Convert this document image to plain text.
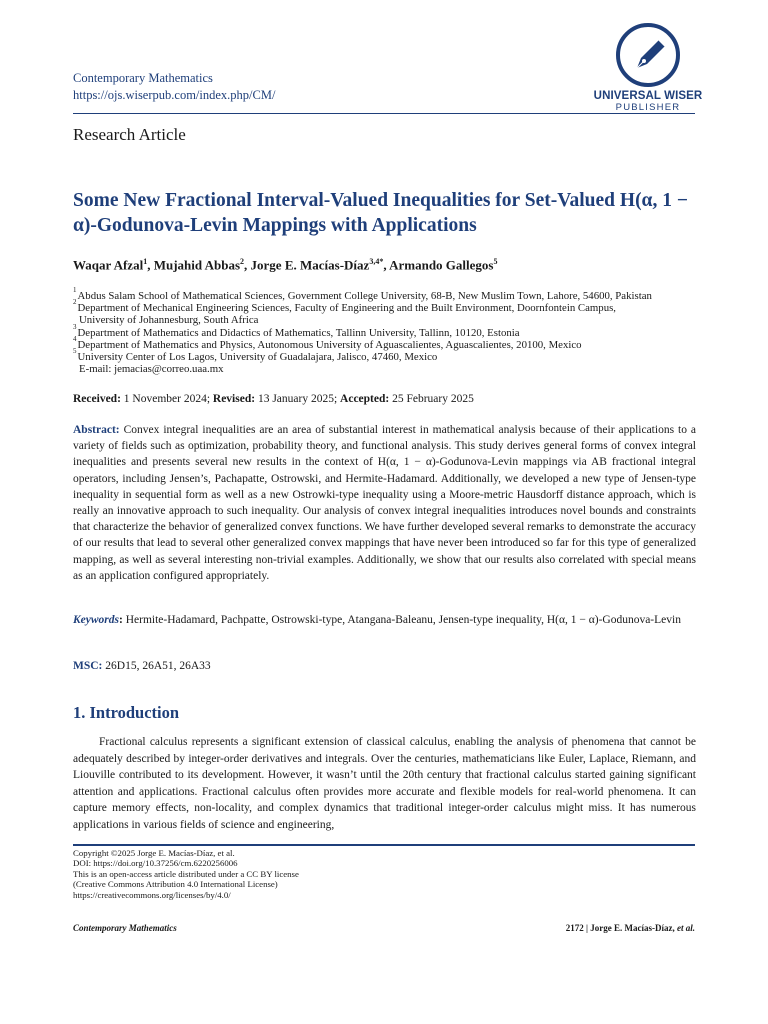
Contemporary Mathematics
https://ojs.wiserpub.com/index.php/CM/	UNIVERSAL WISER
PUBLISHER
Research Article
Some New Fractional Interval-Valued Inequalities for Set-Valued H(α, 1 − α)-Godunova-Levin Mappings with Applications
Waqar Afzal$^1$, Mujahid Abbas$^2$, Jorge E. Macías-Díaz$^{3,4*}$, Armando Gallegos$^5$
1 Abdus Salam School of Mathematical Sciences, Government College University, 68-B, New Muslim Town, Lahore, 54600, Pakistan
2 Department of Mechanical Engineering Sciences, Faculty of Engineering and the Built Environment, Doornfontein Campus,
University of Johannesburg, South Africa
3 Department of Mathematics and Didactics of Mathematics, Tallinn University, Tallinn, 10120, Estonia
4 Department of Mathematics and Physics, Autonomous University of Aguascalientes, Aguascalientes, 20100, Mexico
5 University Center of Los Lagos, University of Guadalajara, Jalisco, 47460, Mexico
E-mail: jemacias@correo.uaa.mx
Received: 1 November 2024; Revised: 13 January 2025; Accepted: 25 February 2025
Abstract: Convex integral inequalities are an area of substantial interest in mathematical analysis because of their applications to a variety of fields such as optimization, probability theory, and functional analysis. This study derives general forms of convex integral inequalities and presents several new results in the context of H(α, 1 − α)-Godunova-Levin mappings via AB fractional integral operators, including Jensen’s, Pachapatte, Ostrowski, and Hermite-Hadamard. Additionally, we developed a new type of Jensen-type inequality in sequential form as well as a new Ostrowki-type inequality using a Moore-metric Hausdorff distance approach, which is really an innovative approach to such inequality. Our analysis of convex integral inequalities introduces novel bounds and constraints that characterize the behavior of generalized convex functions. We have further developed several remarks to demonstrate the accuracy of our results that lead to several other generalized convex mappings that have never been introduced so far for this type of generalized mapping, as well as several interesting non-trivial examples. Additionally, we show that our results also correlated with special means as an application configured appropriately.
Keywords: Hermite-Hadamard, Pachpatte, Ostrowski-type, Atangana-Baleanu, Jensen-type inequality, H(α, 1 − α)-Godunova-Levin
MSC: 26D15, 26A51, 26A33
1. Introduction
Fractional calculus represents a significant extension of classical calculus, enabling the analysis of phenomena that cannot be adequately described by integer-order derivatives and integrals. Over the centuries, mathematicians like Euler, Laplace, Riemann, and Liouville contributed to its development. However, it wasn’t until the 20th century that fractional calculus started gaining significant attention and applications. Fractional calculus often provides more accurate and flexible models for real-world phenomena. It can capture memory effects, non-locality, and complex dynamics that traditional integer-order calculus might miss. It has numerous applications in various fields of science and engineering,
Copyright ©2025 Jorge E. Macías-Díaz, et al.
DOI: https://doi.org/10.37256/cm.6220256006
This is an open-access article distributed under a CC BY license
(Creative Commons Attribution 4.0 International License)
https://creativecommons.org/licenses/by/4.0/
Contemporary Mathematics	2172 | Jorge E. Macías-Díaz, et al.
